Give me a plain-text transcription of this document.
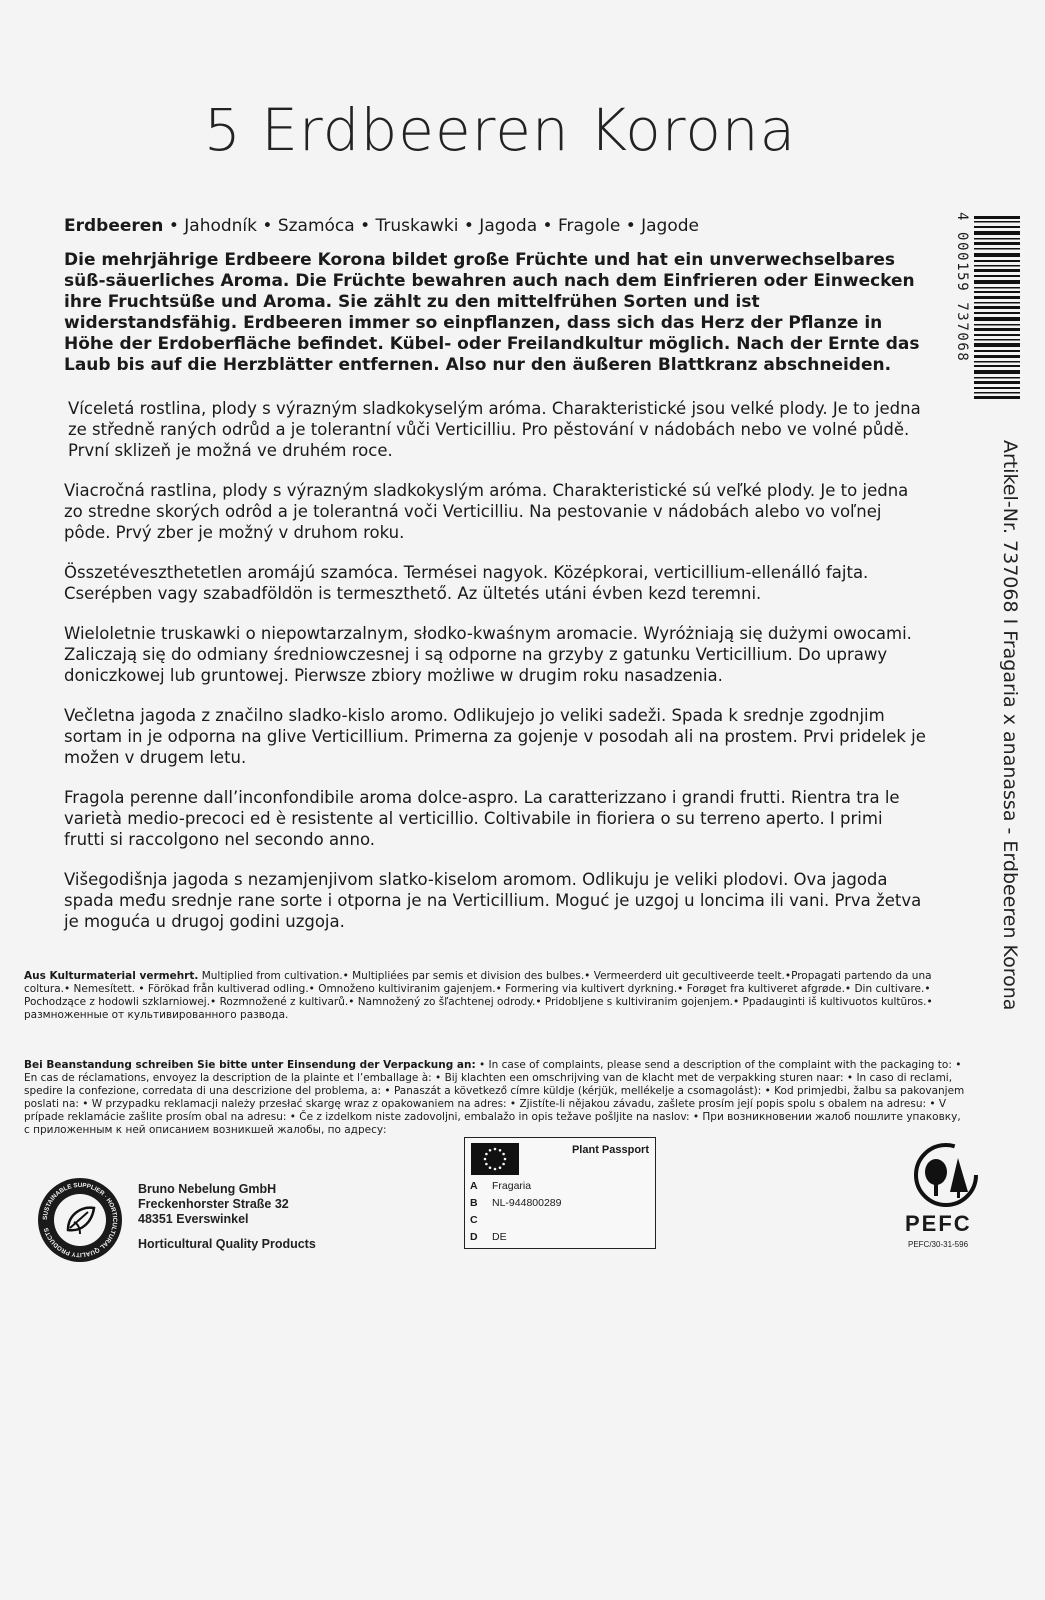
5 Erdbeeren Korona

Erdbeeren • Jahodník • Szamóca • Truskawki • Jagoda • Fragole • Jagode

Die mehrjährige Erdbeere Korona bildet große Früchte und hat ein unverwechselbares süß-säuerliches Aroma. Die Früchte bewahren auch nach dem Einfrieren oder Einwecken ihre Fruchtsüße und Aroma. Sie zählt zu den mittelfrühen Sorten und ist widerstandsfähig. Erdbeeren immer so einpflanzen, dass sich das Herz der Pflanze in Höhe der Erdoberfläche befindet. Kübel- oder Freilandkultur möglich. Nach der Ernte das Laub bis auf die Herzblätter entfernen. Also nur den äußeren Blattkranz abschneiden.

Víceletá rostlina, plody s výrazným sladkokyselým aróma. Charakteristické jsou velké plody. Je to jedna ze středně raných odrůd a je tolerantní vůči Verticilliu. Pro pěstování v nádobách nebo ve volné půdě. První sklizeň je možná ve druhém roce.

Viacročná rastlina, plody s výrazným sladkokyslým aróma. Charakteristické sú veľké plody. Je to jedna zo stredne skorých odrôd a je tolerantná voči Verticilliu. Na pestovanie v nádobách alebo vo voľnej pôde. Prvý zber je možný v druhom roku.

Összetéveszthetetlen aromájú szamóca. Termései nagyok. Középkorai, verticillium-ellenálló fajta. Cserépben vagy szabadföldön is termeszthető. Az ültetés utáni évben kezd teremni.

Wieloletnie truskawki o niepowtarzalnym, słodko-kwaśnym aromacie. Wyróżniają się dużymi owocami. Zaliczają się do odmiany średniowczesnej i są odporne na grzyby z gatunku Verticillium. Do uprawy doniczkowej lub gruntowej. Pierwsze zbiory możliwe w drugim roku nasadzenia.

Večletna jagoda z značilno sladko-kislo aromo. Odlikujejo jo veliki sadeži. Spada k srednje zgodnjim sortam in je odporna na glive Verticillium. Primerna za gojenje v posodah ali na prostem. Prvi pridelek je možen v drugem letu.

Fragola perenne dall’inconfondibile aroma dolce-aspro. La caratterizzano i grandi frutti. Rientra tra le varietà medio-precoci ed è resistente al verticillio. Coltivabile in fioriera o su terreno aperto. I primi frutti si raccolgono nel secondo anno.

Višegodišnja jagoda s nezamjenjivom slatko-kiselom aromom. Odlikuju je veliki plodovi. Ova jagoda spada među srednje rane sorte i otporna je na Verticillium. Moguć je uzgoj u loncima ili vani. Prva žetva je moguća u drugoj godini uzgoja.

Aus Kulturmaterial vermehrt. Multiplied from cultivation.• Multipliées par semis et division des bulbes.• Vermeerderd uit gecultiveerde teelt.•Propagati partendo da una coltura.• Nemesített. • Förökad från kultiverad odling.• Omnoženo kultiviranim gajenjem.• Formering via kultivert dyrkning.• Forøget fra kultiveret afgrøde.• Din cultivare.• Pochodzące z hodowli szklarniowej.• Rozmnožené z kultivarů.• Namnožený zo šľachtenej odrody.• Pridobljene s kultiviranim gojenjem.• Ppadauginti iš kultivuotos kultūros.• размноженные от культивированного развода.
Bei Beanstandung schreiben Sie bitte unter Einsendung der Verpackung an: • In case of complaints, please send a description of the complaint with the packaging to: • En cas de réclamations, envoyez la description de la plainte et l’emballage à: • Bij klachten een omschrijving van de klacht met de verpakking sturen naar: • In caso di reclami, spedire la confezione, corredata di una descrizione del problema, a: • Panaszát a következő címre küldje (kérjük, mellékelje a csomagolást): • Kod primjedbi, žalbu sa pakovanjem poslati na: • W przypadku reklamacji należy przesłać skargę wraz z opakowaniem na adres: • Zjistíte-li nějakou závadu, zašlete prosím její popis spolu s obalem na adresu: • V prípade reklamácie zašlite prosím obal na adresu: • Če z izdelkom niste zadovoljni, embalažo in opis težave pošljite na naslov: • При возникновении жалоб пошлите упаковку, с приложенным к ней описанием возникшей жалобы, по адресу:
4 000159 737068
Artikel-Nr. 737068 I Fragaria x ananassa - Erdbeeren Korona
SUSTAINABLE SUPPLIER · HORTICULTURAL QUALITY PRODUCTS
Bruno Nebelung GmbH
Freckenhorster Straße 32
48351 Everswinkel
Horticultural Quality Products
Plant Passport
A Fragaria
B NL-944800289
C
D DE
PEFC
PEFC/30-31-596
